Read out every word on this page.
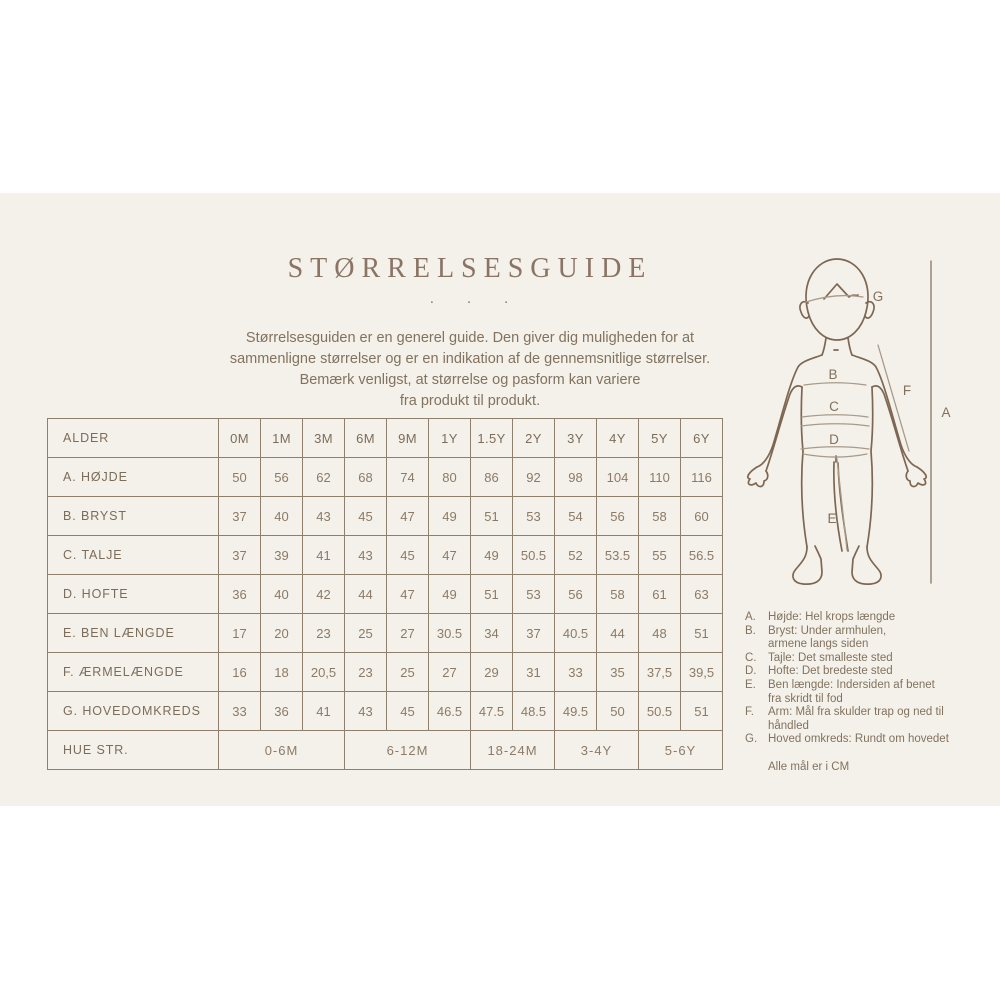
STØRRELSESGUIDE
· · ·
Størrelsesguiden er en generel guide. Den giver dig muligheden for at
sammenligne størrelser og er en indikation af de gennemsnitlige størrelser.
Bemærk venligst, at størrelse og pasform kan variere
fra produkt til produkt.
ALDER	0M	1M	3M	6M	9M	1Y	1.5Y	2Y	3Y	4Y	5Y	6Y
A. HØJDE	50	56	62	68	74	80	86	92	98	104	110	116
B. BRYST	37	40	43	45	47	49	51	53	54	56	58	60
C. TALJE	37	39	41	43	45	47	49	50.5	52	53.5	55	56.5
D. HOFTE	36	40	42	44	47	49	51	53	56	58	61	63
E. BEN LÆNGDE	17	20	23	25	27	30.5	34	37	40.5	44	48	51
F. ÆRMELÆNGDE	16	18	20,5	23	25	27	29	31	33	35	37,5	39,5
G. HOVEDOMKREDS	33	36	41	43	45	46.5	47.5	48.5	49.5	50	50.5	51
HUE STR.	0-6M			6-12M			18-24M		3-4Y		5-6Y	
G
B
C
D
E
F
A
A.	Højde: Hel krops længde
B.	Bryst: Under armhulen,
armene langs siden
C.	Tajle: Det smalleste sted
D.	Hofte: Det bredeste sted
E.	Ben længde: Indersiden af benet
fra skridt til fod
F.	Arm: Mål fra skulder trap og ned til
håndled
G. Hoved omkreds: Rundt om hovedet
Alle mål er i CM
